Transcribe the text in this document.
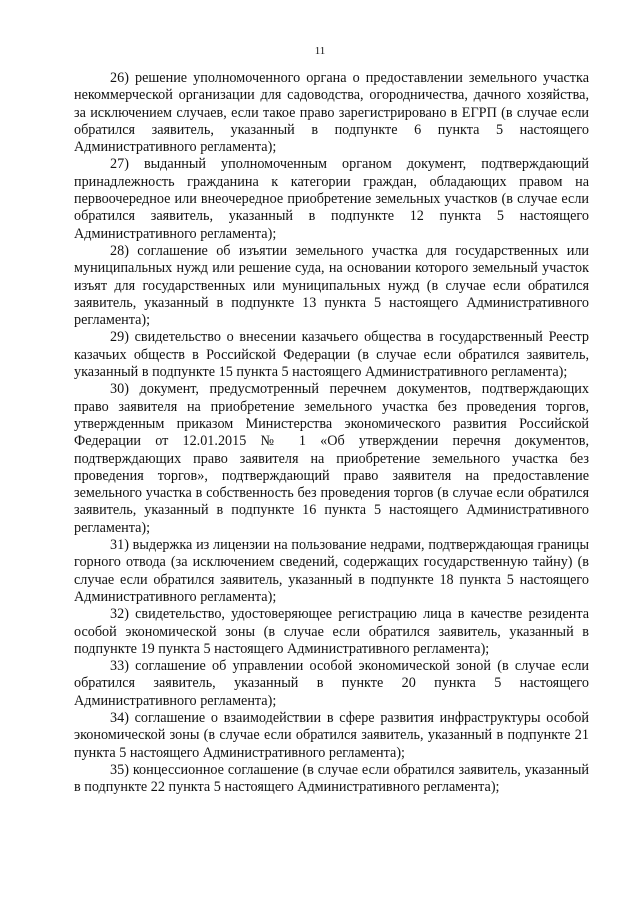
11

26) решение уполномоченного органа о предоставлении земельного участка некоммерческой организации для садоводства, огородничества, дачного хозяйства, за исключением случаев, если такое право зарегистрировано в ЕГРП (в случае если обратился заявитель, указанный в подпункте 6 пункта 5 настоящего Административного регламента);

27) выданный уполномоченным органом документ, подтверждающий принадлежность гражданина к категории граждан, обладающих правом на первоочередное или внеочередное приобретение земельных участков (в случае если обратился заявитель, указанный в подпункте 12 пункта 5 настоящего Административного регламента);

28) соглашение об изъятии земельного участка для государственных или муниципальных нужд или решение суда, на основании которого земельный участок изъят для государственных или муниципальных нужд (в случае если обратился заявитель, указанный в подпункте 13 пункта 5 настоящего Административного регламента);

29) свидетельство о внесении казачьего общества в государственный Реестр казачьих обществ в Российской Федерации (в случае если обратился заявитель, указанный в подпункте 15 пункта 5 настоящего Административного регламента);

30) документ, предусмотренный перечнем документов, подтверждающих право заявителя на приобретение земельного участка без проведения торгов, утвержденным приказом Министерства экономического развития Российской Федерации от 12.01.2015 № 1 «Об утверждении перечня документов, подтверждающих право заявителя на приобретение земельного участка без проведения торгов», подтверждающий право заявителя на предоставление земельного участка в собственность без проведения торгов (в случае если обратился заявитель, указанный в подпункте 16 пункта 5 настоящего Административного регламента);

31) выдержка из лицензии на пользование недрами, подтверждающая границы горного отвода (за исключением сведений, содержащих государственную тайну) (в случае если обратился заявитель, указанный в подпункте 18 пункта 5 настоящего Административного регламента);

32) свидетельство, удостоверяющее регистрацию лица в качестве резидента особой экономической зоны (в случае если обратился заявитель, указанный в подпункте 19 пункта 5 настоящего Административного регламента);

33) соглашение об управлении особой экономической зоной (в случае если обратился заявитель, указанный в пункте 20 пункта 5 настоящего Административного регламента);

34) соглашение о взаимодействии в сфере развития инфраструктуры особой экономической зоны (в случае если обратился заявитель, указанный в подпункте 21 пункта 5 настоящего Административного регламента);

35) концессионное соглашение (в случае если обратился заявитель, указанный в подпункте 22 пункта 5 настоящего Административного регламента);
